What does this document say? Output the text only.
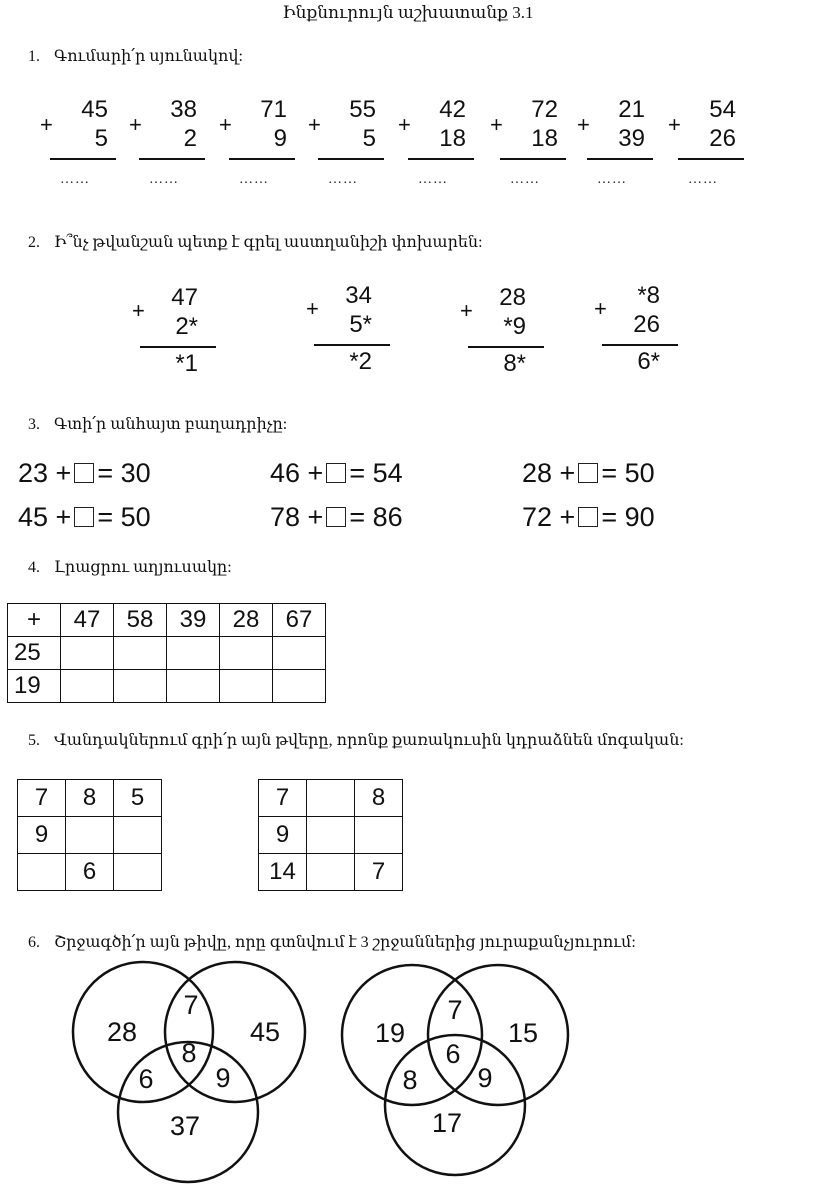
Ինքնուրույն աշխատանք 3.1
1. Գումարի՛ր սյունակով:
+
45
5
……
+
38
2
……
+
71
9
……
+
55
5
……
+
42
18
……
+
72
18
……
+
21
39
……
+
54
26
……
2. Ի՞նչ թվանշան պետք է գրել աստղանիշի փոխարեն:
+	47
2*
*1
+	34
5*
*2
+	28
*9
8*
+	*8
26
6*
3. Գտի՛ր անհայտ բաղադրիչը:
23 + = 30	46 + = 54	28 + = 50
45 + = 50	78 + = 86	72 + = 90
4. Լրացրու աղյուսակը:
+	47	58	39	28	67
25					
19					
5. Վանդակներում գրի՛ր այն թվերը, որոնք քառակուսին կդրաձնեն մոգական:
7	8	5
9		
	6	
7		8
9		
14		7
6. Շրջագծի՛ր այն թիվը, որը գտնվում է 3 շրջաններից յուրաքանչյուրում:
28	45
7
6
8
9
37
19	15
7
8
6
9
17
